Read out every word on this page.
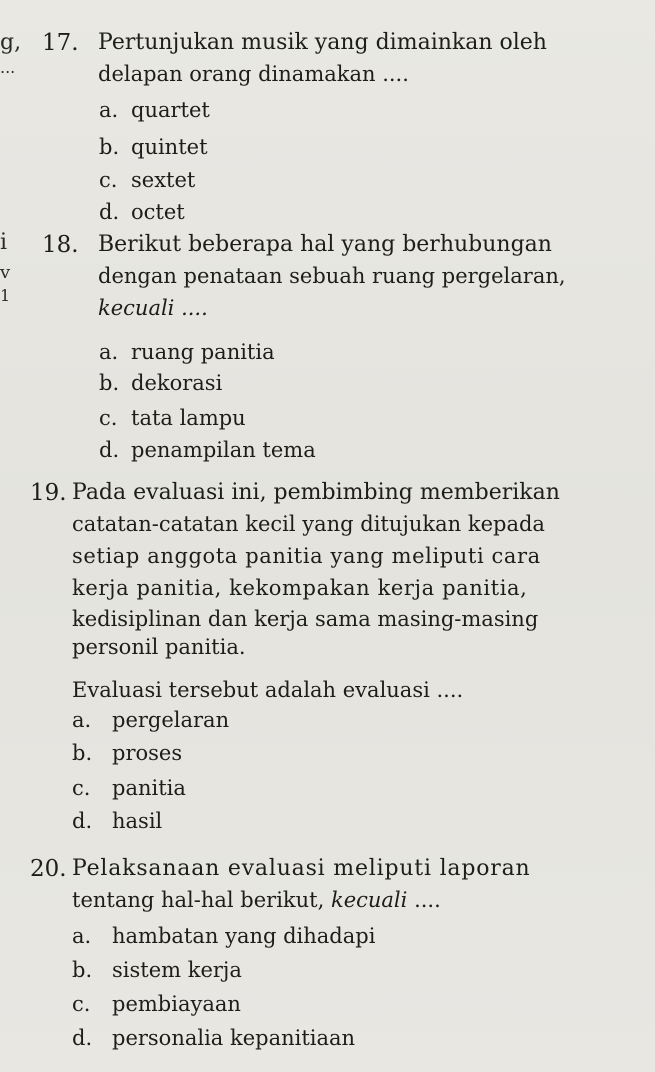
g,
...
i
v
1
17. Pertunjukan musik yang dimainkan oleh
delapan orang dinamakan ....
a. quartet
b. quintet
c. sextet
d. octet
18. Berikut beberapa hal yang berhubungan
dengan penataan sebuah ruang pergelaran,
kecuali ....
a. ruang panitia
b. dekorasi
c. tata lampu
d. penampilan tema
19. Pada evaluasi ini, pembimbing memberikan
catatan-catatan kecil yang ditujukan kepada
setiap anggota panitia yang meliputi cara
kerja panitia, kekompakan kerja panitia,
kedisiplinan dan kerja sama masing-masing
personil panitia.
Evaluasi tersebut adalah evaluasi ....
a. pergelaran
b. proses
c. panitia
d. hasil
20. Pelaksanaan evaluasi meliputi laporan
tentang hal-hal berikut, kecuali ....
a. hambatan yang dihadapi
b. sistem kerja
c. pembiayaan
d. personalia kepanitiaan
